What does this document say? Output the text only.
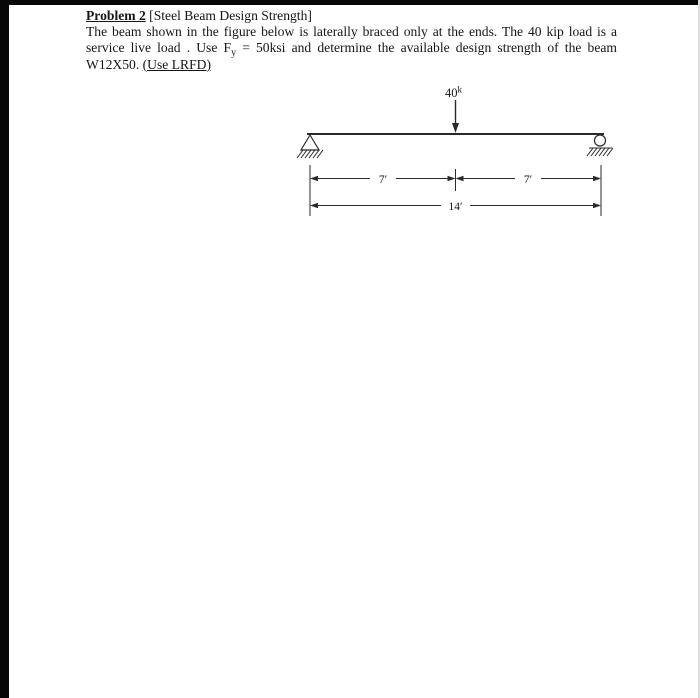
Problem 2 [Steel Beam Design Strength]

The beam shown in the figure below is laterally braced only at the ends. The 40 kip load is a

service live load . Use $F_y = 50ksi$ and determine the available design strength of the beam

W12X50. (Use LRFD)

40$^k$
7′	7′
14′
